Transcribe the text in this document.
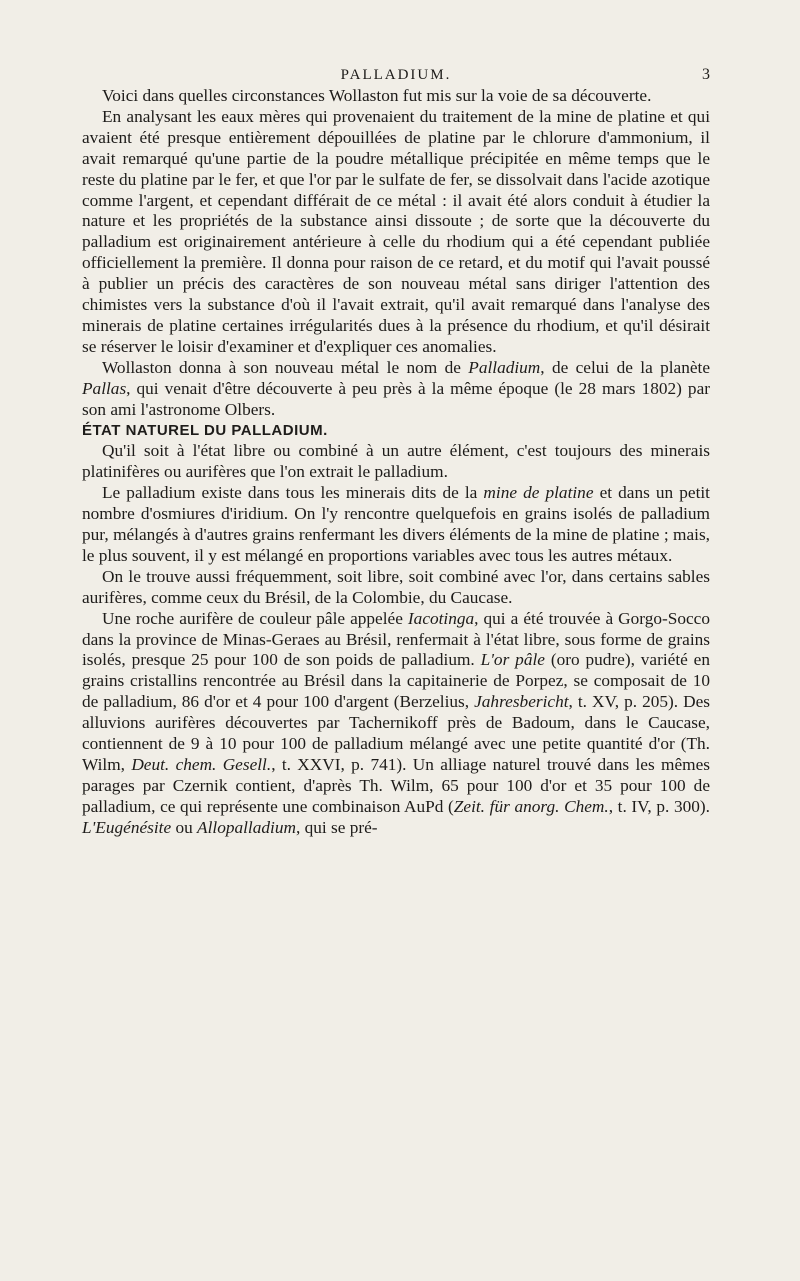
PALLADIUM.	3

Voici dans quelles circonstances Wollaston fut mis sur la voie de sa découverte.

En analysant les eaux mères qui provenaient du traitement de la mine de platine et qui avaient été presque entièrement dépouillées de platine par le chlorure d'ammonium, il avait remarqué qu'une partie de la poudre métallique précipitée en même temps que le reste du platine par le fer, et que l'or par le sulfate de fer, se dissolvait dans l'acide azotique comme l'argent, et cependant différait de ce métal : il avait été alors conduit à étudier la nature et les propriétés de la substance ainsi dissoute ; de sorte que la découverte du palladium est originairement antérieure à celle du rhodium qui a été cependant publiée officiellement la première. Il donna pour raison de ce retard, et du motif qui l'avait poussé à publier un précis des caractères de son nouveau métal sans diriger l'attention des chimistes vers la substance d'où il l'avait extrait, qu'il avait remarqué dans l'analyse des minerais de platine certaines irrégularités dues à la présence du rhodium, et qu'il désirait se réserver le loisir d'examiner et d'expliquer ces anomalies.

Wollaston donna à son nouveau métal le nom de Palladium, de celui de la planète Pallas, qui venait d'être découverte à peu près à la même époque (le 28 mars 1802) par son ami l'astronome Olbers.

ÉTAT NATUREL DU PALLADIUM.

Qu'il soit à l'état libre ou combiné à un autre élément, c'est toujours des minerais platinifères ou aurifères que l'on extrait le palladium.

Le palladium existe dans tous les minerais dits de la mine de platine et dans un petit nombre d'osmiures d'iridium. On l'y rencontre quelquefois en grains isolés de palladium pur, mélangés à d'autres grains renfermant les divers éléments de la mine de platine ; mais, le plus souvent, il y est mélangé en proportions variables avec tous les autres métaux.

On le trouve aussi fréquemment, soit libre, soit combiné avec l'or, dans certains sables aurifères, comme ceux du Brésil, de la Colombie, du Caucase.

Une roche aurifère de couleur pâle appelée Iacotinga, qui a été trouvée à Gorgo-Socco dans la province de Minas-Geraes au Brésil, renfermait à l'état libre, sous forme de grains isolés, presque 25 pour 100 de son poids de palladium. L'or pâle (oro pudre), variété en grains cristallins rencontrée au Brésil dans la capitainerie de Porpez, se composait de 10 de palladium, 86 d'or et 4 pour 100 d'argent (Berzelius, Jahresbericht, t. XV, p. 205). Des alluvions aurifères découvertes par Tachernikoff près de Badoum, dans le Caucase, contiennent de 9 à 10 pour 100 de palladium mélangé avec une petite quantité d'or (Th. Wilm, Deut. chem. Gesell., t. XXVI, p. 741). Un alliage naturel trouvé dans les mêmes parages par Czernik contient, d'après Th. Wilm, 65 pour 100 d'or et 35 pour 100 de palladium, ce qui représente une combinaison AuPd (Zeit. für anorg. Chem., t. IV, p. 300). L'Eugénésite ou Allopalladium, qui se pré-
